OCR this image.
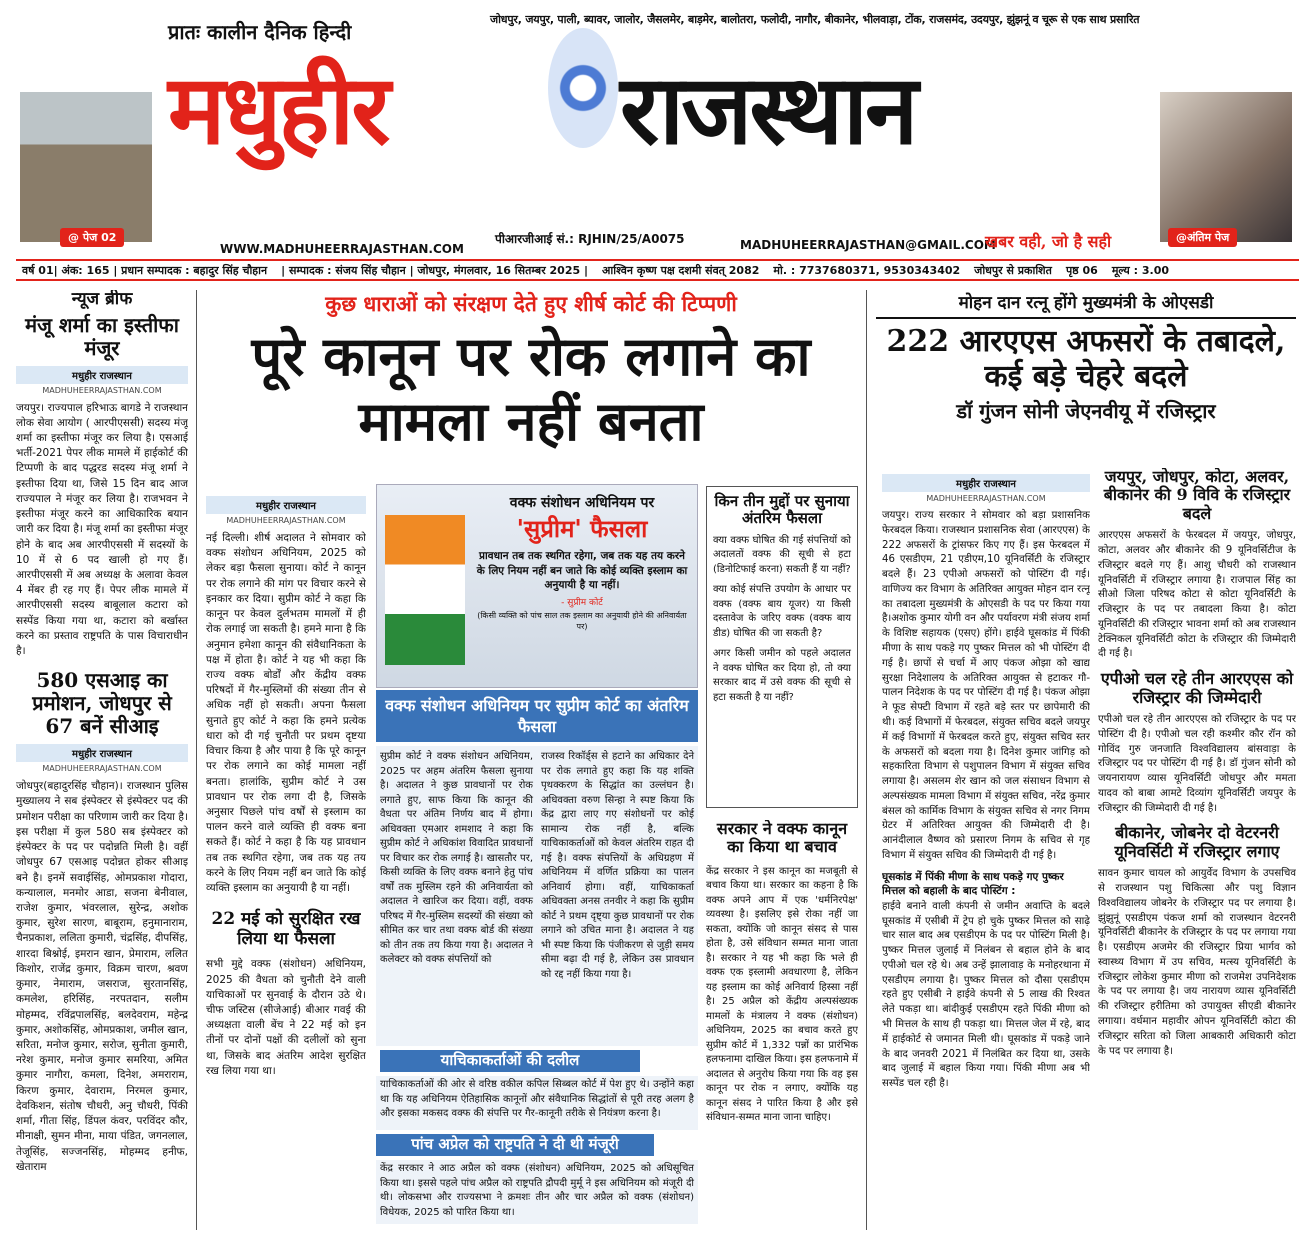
प्रातः कालीन दैनिक हिन्दी
जोधपुर, जयपुर, पाली, ब्यावर, जालोर, जैसलमेर, बाड़मेर, बालोतरा, फलोदी, नागौर, बीकानेर, भीलवाड़ा, टोंक, राजसमंद, उदयपुर, झुंझनूं व चूरू से एक साथ प्रसारित
@ पेज 02
मधुहीर राजस्थान
@अंतिम पेज
WWW.MADHUHEERRAJASTHAN.COM
पीआरजीआई सं.: RJHIN/25/A0075	MADHUHEERRAJASTHAN@GMAIL.COM
खबर वही, जो है सही
वर्ष 01| अंक: 165 | प्रधान सम्पादक : बहादुर सिंह चौहान | सम्पादक : संजय सिंह चौहान | जोधपुर, मंगलवार, 16 सितम्बर 2025 | आश्विन कृष्ण पक्ष दशमी संवत् 2082 मो. : 7737680371, 9530343402 जोधपुर से प्रकाशित पृष्ठ 06 मूल्य : 3.00
न्यूज ब्रीफ
मंजू शर्मा का इस्तीफा मंजूर
मधुहीर राजस्थान
MADHUHEERRAJASTHAN.COM
जयपुर। राज्यपाल हरिभाऊ बागडे ने राजस्थान लोक सेवा आयोग ( आरपीएससी) सदस्य मंजू शर्मा का इस्तीफा मंजूर कर लिया है। एसआई भर्ती-2021 पेपर लीक मामले में हाईकोर्ट की टिप्पणी के बाद पद्धरड सदस्य मंजू शर्मा ने इस्तीफा दिया था, जिसे 15 दिन बाद आज राज्यपाल ने मंजूर कर लिया है। राजभवन ने इस्तीफा मंजूर करने का आधिकारिक बयान जारी कर दिया है। मंजू शर्मा का इस्तीफा मंजूर होने के बाद अब आरपीएससी में सदस्यों के 10 में से 6 पद खाली हो गए हैं। आरपीएससी में अब अध्यक्ष के अलावा केवल 4 मेंबर ही रह गए हैं। पेपर लीक मामले में आरपीएससी सदस्य बाबूलाल कटारा को सस्पेंड किया गया था, कटारा को बर्खास्त करने का प्रस्ताव राष्ट्रपति के पास विचाराधीन है।
580 एसआइ का प्रमोशन, जोधपुर से 67 बनें सीआइ
मधुहीर राजस्थान
MADHUHEERRAJASTHAN.COM
जोधपुर(बहादुरसिंह चौहान)। राजस्थान पुलिस मुख्यालय ने सब इंस्पेक्टर से इंस्पेक्टर पद की प्रमोशन परीक्षा का परिणाम जारी कर दिया है। इस परीक्षा में कुल 580 सब इंस्पेक्टर को इंस्पेक्टर के पद पर पदोन्नति मिली है। वहीं जोधपुर 67 एसआइ पदोन्नत होकर सीआइ बने है। इनमें सवाईसिंह, ओमप्रकाश गोदारा, कन्यालाल, मनमोर आडा, सजना बेनीवाल, राजेश कुमार, भंवरलाल, सुरेन्द्र, अशोक कुमार, सुरेश सारण, बाबूराम, हनुमानाराम, चैनप्रकाश, ललिता कुमारी, चंद्रसिंह, दीपसिंह, शारदा बिश्नोई, इमरान खान, प्रेमाराम, ललित किशोर, राजेंद्र कुमार, विक्रम चारण, श्रवण कुमार, नेमाराम, जसराज, सुरतानसिंह, कमलेश, हरिसिंह, नरपतदान, सलीम मोहम्मद, रविंद्रपालसिंह, बलदेवराम, महेन्द्र कुमार, अशोकसिंह, ओमप्रकाश, जमील खान, सरिता, मनोज कुमार, सरोज, सुनीता कुमारी, नरेश कुमार, मनोज कुमार समरिया, अमित कुमार नागौरा, कमला, दिनेश, अमराराम, किरण कुमार, देवाराम, निरमल कुमार, देवकिशन, संतोष चौधरी, अनु चौधरी, पिंकी शर्मा, गीता सिंह, डिंपल कंवर, परविंदर कौर, मीनाक्षी, सुमन मीना, माया पंडित, जगनलाल, तेजूसिंह, सज्जनसिंह, मोहम्मद हनीफ, खेताराम
कुछ धाराओं को संरक्षण देते हुए शीर्ष कोर्ट की टिप्पणी
पूरे कानून पर रोक लगाने का मामला नहीं बनता
मधुहीर राजस्थान
MADHUHEERRAJASTHAN.COM
नई दिल्ली। शीर्ष अदालत ने सोमवार को वक्फ संशोधन अधिनियम, 2025 को लेकर बड़ा फैसला सुनाया। कोर्ट ने कानून पर रोक लगाने की मांग पर विचार करने से इनकार कर दिया। सुप्रीम कोर्ट ने कहा कि कानून पर केवल दुर्लभतम मामलों में ही रोक लगाई जा सकती है। हमने माना है कि अनुमान हमेशा कानून की संवैधानिकता के पक्ष में होता है। कोर्ट ने यह भी कहा कि राज्य वक्फ बोर्डों और केंद्रीय वक्फ परिषदों में गैर-मुस्लिमों की संख्या तीन से अधिक नहीं हो सकती। अपना फैसला सुनाते हुए कोर्ट ने कहा कि हमने प्रत्येक धारा को दी गई चुनौती पर प्रथम दृष्टया विचार किया है और पाया है कि पूरे कानून पर रोक लगाने का कोई मामला नहीं बनता। हालांकि, सुप्रीम कोर्ट ने उस प्रावधान पर रोक लगा दी है, जिसके अनुसार पिछले पांच वर्षों से इस्लाम का पालन करने वाले व्यक्ति ही वक्फ बना सकते हैं। कोर्ट ने कहा है कि यह प्रावधान तब तक स्थगित रहेगा, जब तक यह तय करने के लिए नियम नहीं बन जाते कि कोई व्यक्ति इस्लाम का अनुयायी है या नहीं।
22 मई को सुरक्षित रख लिया था फैसला
सभी मुद्दे वक्फ (संशोधन) अधिनियम, 2025 की वैधता को चुनौती देने वाली याचिकाओं पर सुनवाई के दौरान उठे थे। चीफ जस्टिस (सीजेआई) बीआर गवई की अध्यक्षता वाली बेंच ने 22 मई को इन तीनों पर दोनों पक्षों की दलीलों को सुना था, जिसके बाद अंतरिम आदेश सुरक्षित रख लिया गया था।
वक्फ संशोधन अधिनियम पर
'सुप्रीम' फैसला
प्रावधान तब तक स्थगित रहेगा, जब तक यह तय करने के लिए नियम नहीं बन जाते कि कोई व्यक्ति इस्लाम का अनुयायी है या नहीं।
- सुप्रीम कोर्ट
(किसी व्यक्ति को पांच साल तक इस्लाम का अनुयायी होने की अनिवार्यता पर)
वक्फ संशोधन अधिनियम पर सुप्रीम कोर्ट का अंतरिम फैसला
सुप्रीम कोर्ट ने वक्फ संशोधन अधिनियम, 2025 पर अहम अंतरिम फैसला सुनाया है। अदालत ने कुछ प्रावधानों पर रोक लगाते हुए, साफ किया कि कानून की वैधता पर अंतिम निर्णय बाद में होगा। अधिवक्ता एमआर शमशाद ने कहा कि सुप्रीम कोर्ट ने अधिकांश विवादित प्रावधानों पर विचार कर रोक लगाई है। खासतौर पर, किसी व्यक्ति के लिए वक्फ बनाने हेतु पांच वर्षों तक मुस्लिम रहने की अनिवार्यता को अदालत ने खारिज कर दिया। वहीं, वक्फ परिषद में गैर-मुस्लिम सदस्यों की संख्या को सीमित कर चार तथा वक्फ बोर्ड की संख्या को तीन तक तय किया गया है। अदालत ने कलेक्टर को वक्फ संपत्तियों को
राजस्व रिकॉर्ड्स से हटाने का अधिकार देने पर रोक लगाते हुए कहा कि यह शक्ति पृथक्करण के सिद्धांत का उल्लंघन है। अधिवक्ता वरुण सिन्हा ने स्पष्ट किया कि केंद्र द्वारा लाए गए संशोधनों पर कोई सामान्य रोक नहीं है, बल्कि याचिकाकर्ताओं को केवल अंतरिम राहत दी गई है। वक्फ संपत्तियों के अधिग्रहण में अधिनियम में वर्णित प्रक्रिया का पालन अनिवार्य होगा। वहीं, याचिकाकर्ता अधिवक्ता अनस तनवीर ने कहा कि सुप्रीम कोर्ट ने प्रथम दृष्ट्या कुछ प्रावधानों पर रोक लगाने को उचित माना है। अदालत ने यह भी स्पष्ट किया कि पंजीकरण से जुड़ी समय सीमा बढ़ा दी गई है, लेकिन उस प्रावधान को रद्द नहीं किया गया है।
याचिकाकर्ताओं की दलील
याचिकाकर्ताओं की ओर से वरिष्ठ वकील कपिल सिब्बल कोर्ट में पेश हुए थे। उन्होंने कहा था कि यह अधिनियम ऐतिहासिक कानूनों और संवैधानिक सिद्धांतों से पूरी तरह अलग है और इसका मकसद वक्फ की संपत्ति पर गैर-कानूनी तरीके से नियंत्रण करना है।
पांच अप्रेल को राष्ट्रपति ने दी थी मंजूरी
केंद्र सरकार ने आठ अप्रैल को वक्फ (संशोधन) अधिनियम, 2025 को अधिसूचित किया था। इससे पहले पांच अप्रैल को राष्ट्रपति द्रौपदी मुर्मू ने इस अधिनियम को मंजूरी दी थी। लोकसभा और राज्यसभा ने क्रमशः तीन और चार अप्रैल को वक्फ (संशोधन) विधेयक, 2025 को पारित किया था।
किन तीन मुद्दों पर सुनाया अंतरिम फैसला
क्या वक्फ घोषित की गई संपत्तियों को अदालतों वक्फ की सूची से हटा (डिनोटिफाई करना) सकती हैं या नहीं?
क्या कोई संपत्ति उपयोग के आधार पर वक्फ (वक्फ बाय यूजर) या किसी दस्तावेज के जरिए वक्फ (वक्फ बाय डीड) घोषित की जा सकती है?
अगर किसी जमीन को पहले अदालत ने वक्फ घोषित कर दिया हो, तो क्या सरकार बाद में उसे वक्फ की सूची से हटा सकती है या नहीं?
सरकार ने वक्फ कानून का किया था बचाव
केंद्र सरकार ने इस कानून का मजबूती से बचाव किया था। सरकार का कहना है कि वक्फ अपने आप में एक 'धर्मनिरपेक्ष' व्यवस्था है। इसलिए इसे रोका नहीं जा सकता, क्योंकि जो कानून संसद से पास होता है, उसे संविधान सम्मत माना जाता है। सरकार ने यह भी कहा कि भले ही वक्फ एक इस्लामी अवधारणा है, लेकिन यह इस्लाम का कोई अनिवार्य हिस्सा नहीं है। 25 अप्रैल को केंद्रीय अल्पसंख्यक मामलों के मंत्रालय ने वक्फ (संशोधन) अधिनियम, 2025 का बचाव करते हुए सुप्रीम कोर्ट में 1,332 पन्नों का प्रारंभिक हलफनामा दाखिल किया। इस हलफनामे में अदालत से अनुरोध किया गया कि वह इस कानून पर रोक न लगाए, क्योंकि यह कानून संसद ने पारित किया है और इसे संविधान-सम्मत माना जाना चाहिए।
मोहन दान रत्नू होंगे मुख्यमंत्री के ओएसडी
222 आरएएस अफसरों के तबादले, कई बड़े चेहरे बदले
डॉ गुंजन सोनी जेएनवीयू में रजिस्ट्रार
मधुहीर राजस्थान
MADHUHEERRAJASTHAN.COM
जयपुर। राज्य सरकार ने सोमवार को बड़ा प्रशासनिक फेरबदल किया। राजस्थान प्रशासनिक सेवा (आरएएस) के 222 अफसरों के ट्रांसफर किए गए हैं। इस फेरबदल में 46 एसडीएम, 21 एडीएम,10 यूनिवर्सिटी के रजिस्ट्रार बदले हैं। 23 एपीओ अफसरों को पोस्टिंग दी गई। वाणिज्य कर विभाग के अतिरिक्त आयुक्त मोहन दान रत्नू का तबादला मुख्यमंत्री के ओएसडी के पद पर किया गया है।अशोक कुमार योगी वन और पर्यावरण मंत्री संजय शर्मा के विशिष्ट सहायक (एसए) होंगे। हाईवे घूसकांड में पिंकी मीणा के साथ पकड़े गए पुष्कर मित्तल को भी पोस्टिंग दी गई है। छापों से चर्चा में आए पंकज ओझा को खाद्य सुरक्षा निदेशालय के अतिरिक्त आयुक्त से हटाकर गौ-पालन निदेशक के पद पर पोस्टिंग दी गई है। पंकज ओझा ने फूड सेफ्टी विभाग में रहते बड़े स्तर पर छापेमारी की थी। कई विभागों में फेरबदल, संयुक्त सचिव बदले जयपुर में कई विभागों में फेरबदल करते हुए, संयुक्त सचिव स्तर के अफसरों को बदला गया है। दिनेश कुमार जांगिड़ को सहकारिता विभाग से पशुपालन विभाग में संयुक्त सचिव लगाया है। असलम शेर खान को जल संसाधन विभाग से अल्पसंख्यक मामला विभाग में संयुक्त सचिव, नरेंद्र कुमार बंसल को कार्मिक विभाग के संयुक्त सचिव से नगर निगम ग्रेटर में अतिरिक्त आयुक्त की जिम्मेदारी दी है।आनंदीलाल वैष्णव को प्रसारण निगम के सचिव से गृह विभाग में संयुक्त सचिव की जिम्मेदारी दी गई है।
घूसकांड में पिंकी मीणा के साथ पकड़े गए पुष्कर मित्तल को बहाली के बाद पोस्टिंग :
हाईवे बनाने वाली कंपनी से जमीन अवाप्ति के बदले घूसकांड में एसीबी में ट्रेप हो चुके पुष्कर मित्तल को साढ़े चार साल बाद अब एसडीएम के पद पर पोस्टिंग मिली है। पुष्कर मित्तल जुलाई में निलंबन से बहाल होने के बाद एपीओ चल रहे थे। अब उन्हें झालावाड़ के मनोहरथाना में एसडीएम लगाया है। पुष्कर मित्तल को दौसा एसडीएम रहते हुए एसीबी ने हाईवे कंपनी से 5 लाख की रिश्वत लेते पकड़ा था। बांदीकुई एसडीएम रहते पिंकी मीणा को भी मित्तल के साथ ही पकड़ा था। मित्तल जेल में रहे, बाद में हाईकोर्ट से जमानत मिली थी। घूसकांड में पकड़े जाने के बाद जनवरी 2021 में निलंबित कर दिया था, उसके बाद जुलाई में बहाल किया गया। पिंकी मीणा अब भी सस्पेंड चल रही है।
जयपुर, जोधपुर, कोटा, अलवर, बीकानेर की 9 विवि के रजिस्ट्रार बदले
आरएएस अफसरों के फेरबदल में जयपुर, जोधपुर, कोटा, अलवर और बीकानेर की 9 यूनिवर्सिटीज के रजिस्ट्रार बदले गए हैं। आशु चौधरी को राजस्थान यूनिवर्सिटी में रजिस्ट्रार लगाया है। राजपाल सिंह का सीओ जिला परिषद कोटा से कोटा यूनिवर्सिटी के रजिस्ट्रार के पद पर तबादला किया है। कोटा यूनिवर्सिटी की रजिस्ट्रार भावना शर्मा को अब राजस्थान टेक्निकल यूनिवर्सिटी कोटा के रजिस्ट्रार की जिम्मेदारी दी गई है।
एपीओ चल रहे तीन आरएएस को रजिस्ट्रार की जिम्मेदारी
एपीओ चल रहे तीन आरएएस को रजिस्ट्रार के पद पर पोस्टिंग दी है। एपीओ चल रही कश्मीर कौर रॉन को गोविंद गुरु जनजाति विश्वविद्यालय बांसवाड़ा के रजिस्ट्रार पद पर पोस्टिंग दी गई है। डॉ गुंजन सोनी को जयनारायण व्यास यूनिवर्सिटी जोधपुर और ममता यादव को बाबा आमटे दिव्यांग यूनिवर्सिटी जयपुर के रजिस्ट्रार की जिम्मेदारी दी गई है।
बीकानेर, जोबनेर दो वेटरनरी यूनिवर्सिटी में रजिस्ट्रार लगाए
सावन कुमार चायल को आयुर्वेद विभाग के उपसचिव से राजस्थान पशु चिकित्सा और पशु विज्ञान विश्वविद्यालय जोबनेर के रजिस्ट्रार पद पर लगाया है। झुंझुनूं एसडीएम पंकज शर्मा को राजस्थान वेटरनरी यूनिवर्सिटी बीकानेर के रजिस्ट्रार के पद पर लगाया गया है। एसडीएम अजमेर की रजिस्ट्रार प्रिया भार्गव को स्वास्थ्य विभाग में उप सचिव, मत्स्य यूनिवर्सिटी के रजिस्ट्रार लोकेश कुमार मीणा को राजमेश उपनिदेशक के पद पर लगाया है। जय नारायण व्यास यूनिवर्सिटी की रजिस्ट्रार हरीतिमा को उपायुक्त सीएडी बीकानेर लगाया। वर्धमान महावीर ओपन यूनिवर्सिटी कोटा की रजिस्ट्रार सरिता को जिला आबकारी अधिकारी कोटा के पद पर लगाया है।
